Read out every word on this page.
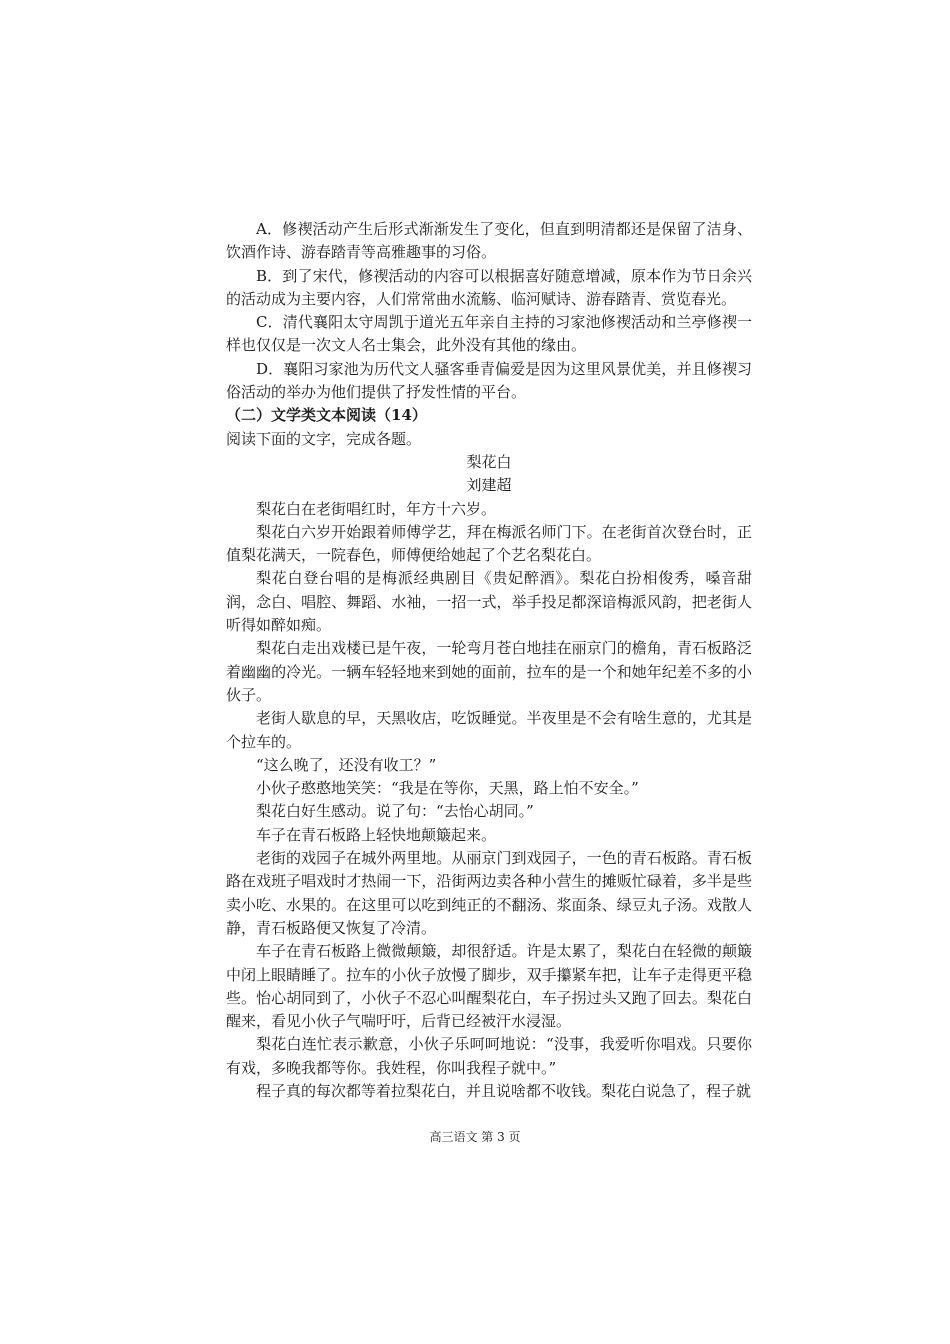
A．修禊活动产生后形式渐渐发生了变化，但直到明清都还是保留了洁身、饮酒作诗、游春踏青等高雅趣事的习俗。

B．到了宋代，修禊活动的内容可以根据喜好随意增减，原本作为节日余兴的活动成为主要内容，人们常常曲水流觞、临河赋诗、游春踏青、赏览春光。

C．清代襄阳太守周凯于道光五年亲自主持的习家池修禊活动和兰亭修禊一样也仅仅是一次文人名士集会，此外没有其他的缘由。

D．襄阳习家池为历代文人骚客垂青偏爱是因为这里风景优美，并且修禊习俗活动的举办为他们提供了抒发性情的平台。

（二）文学类文本阅读（14）

阅读下面的文字，完成各题。

梨花白

刘建超

梨花白在老街唱红时，年方十六岁。

梨花白六岁开始跟着师傅学艺，拜在梅派名师门下。在老街首次登台时，正值梨花满天，一院春色，师傅便给她起了个艺名梨花白。

梨花白登台唱的是梅派经典剧目《贵妃醉酒》。梨花白扮相俊秀，嗓音甜润，念白、唱腔、舞蹈、水袖，一招一式，举手投足都深谙梅派风韵，把老街人听得如醉如痴。

梨花白走出戏楼已是午夜，一轮弯月苍白地挂在丽京门的檐角，青石板路泛着幽幽的冷光。一辆车轻轻地来到她的面前，拉车的是一个和她年纪差不多的小伙子。

老街人歇息的早，天黑收店，吃饭睡觉。半夜里是不会有啥生意的，尤其是个拉车的。

“这么晚了，还没有收工？”

小伙子憨憨地笑笑：“我是在等你，天黑，路上怕不安全。”

梨花白好生感动。说了句：“去怡心胡同。”

车子在青石板路上轻快地颠簸起来。

老街的戏园子在城外两里地。从丽京门到戏园子，一色的青石板路。青石板路在戏班子唱戏时才热闹一下，沿街两边卖各种小营生的摊贩忙碌着，多半是些卖小吃、水果的。在这里可以吃到纯正的不翻汤、浆面条、绿豆丸子汤。戏散人静，青石板路便又恢复了冷清。

车子在青石板路上微微颠簸，却很舒适。许是太累了，梨花白在轻微的颠簸中闭上眼睛睡了。拉车的小伙子放慢了脚步，双手攥紧车把，让车子走得更平稳些。怡心胡同到了，小伙子不忍心叫醒梨花白，车子拐过头又跑了回去。梨花白醒来，看见小伙子气喘吁吁，后背已经被汗水浸湿。

梨花白连忙表示歉意，小伙子乐呵呵地说：“没事，我爱听你唱戏。只要你有戏，多晚我都等你。我姓程，你叫我程子就中。”

程子真的每次都等着拉梨花白，并且说啥都不收钱。梨花白说急了，程子就

高三语文 第 3 页
